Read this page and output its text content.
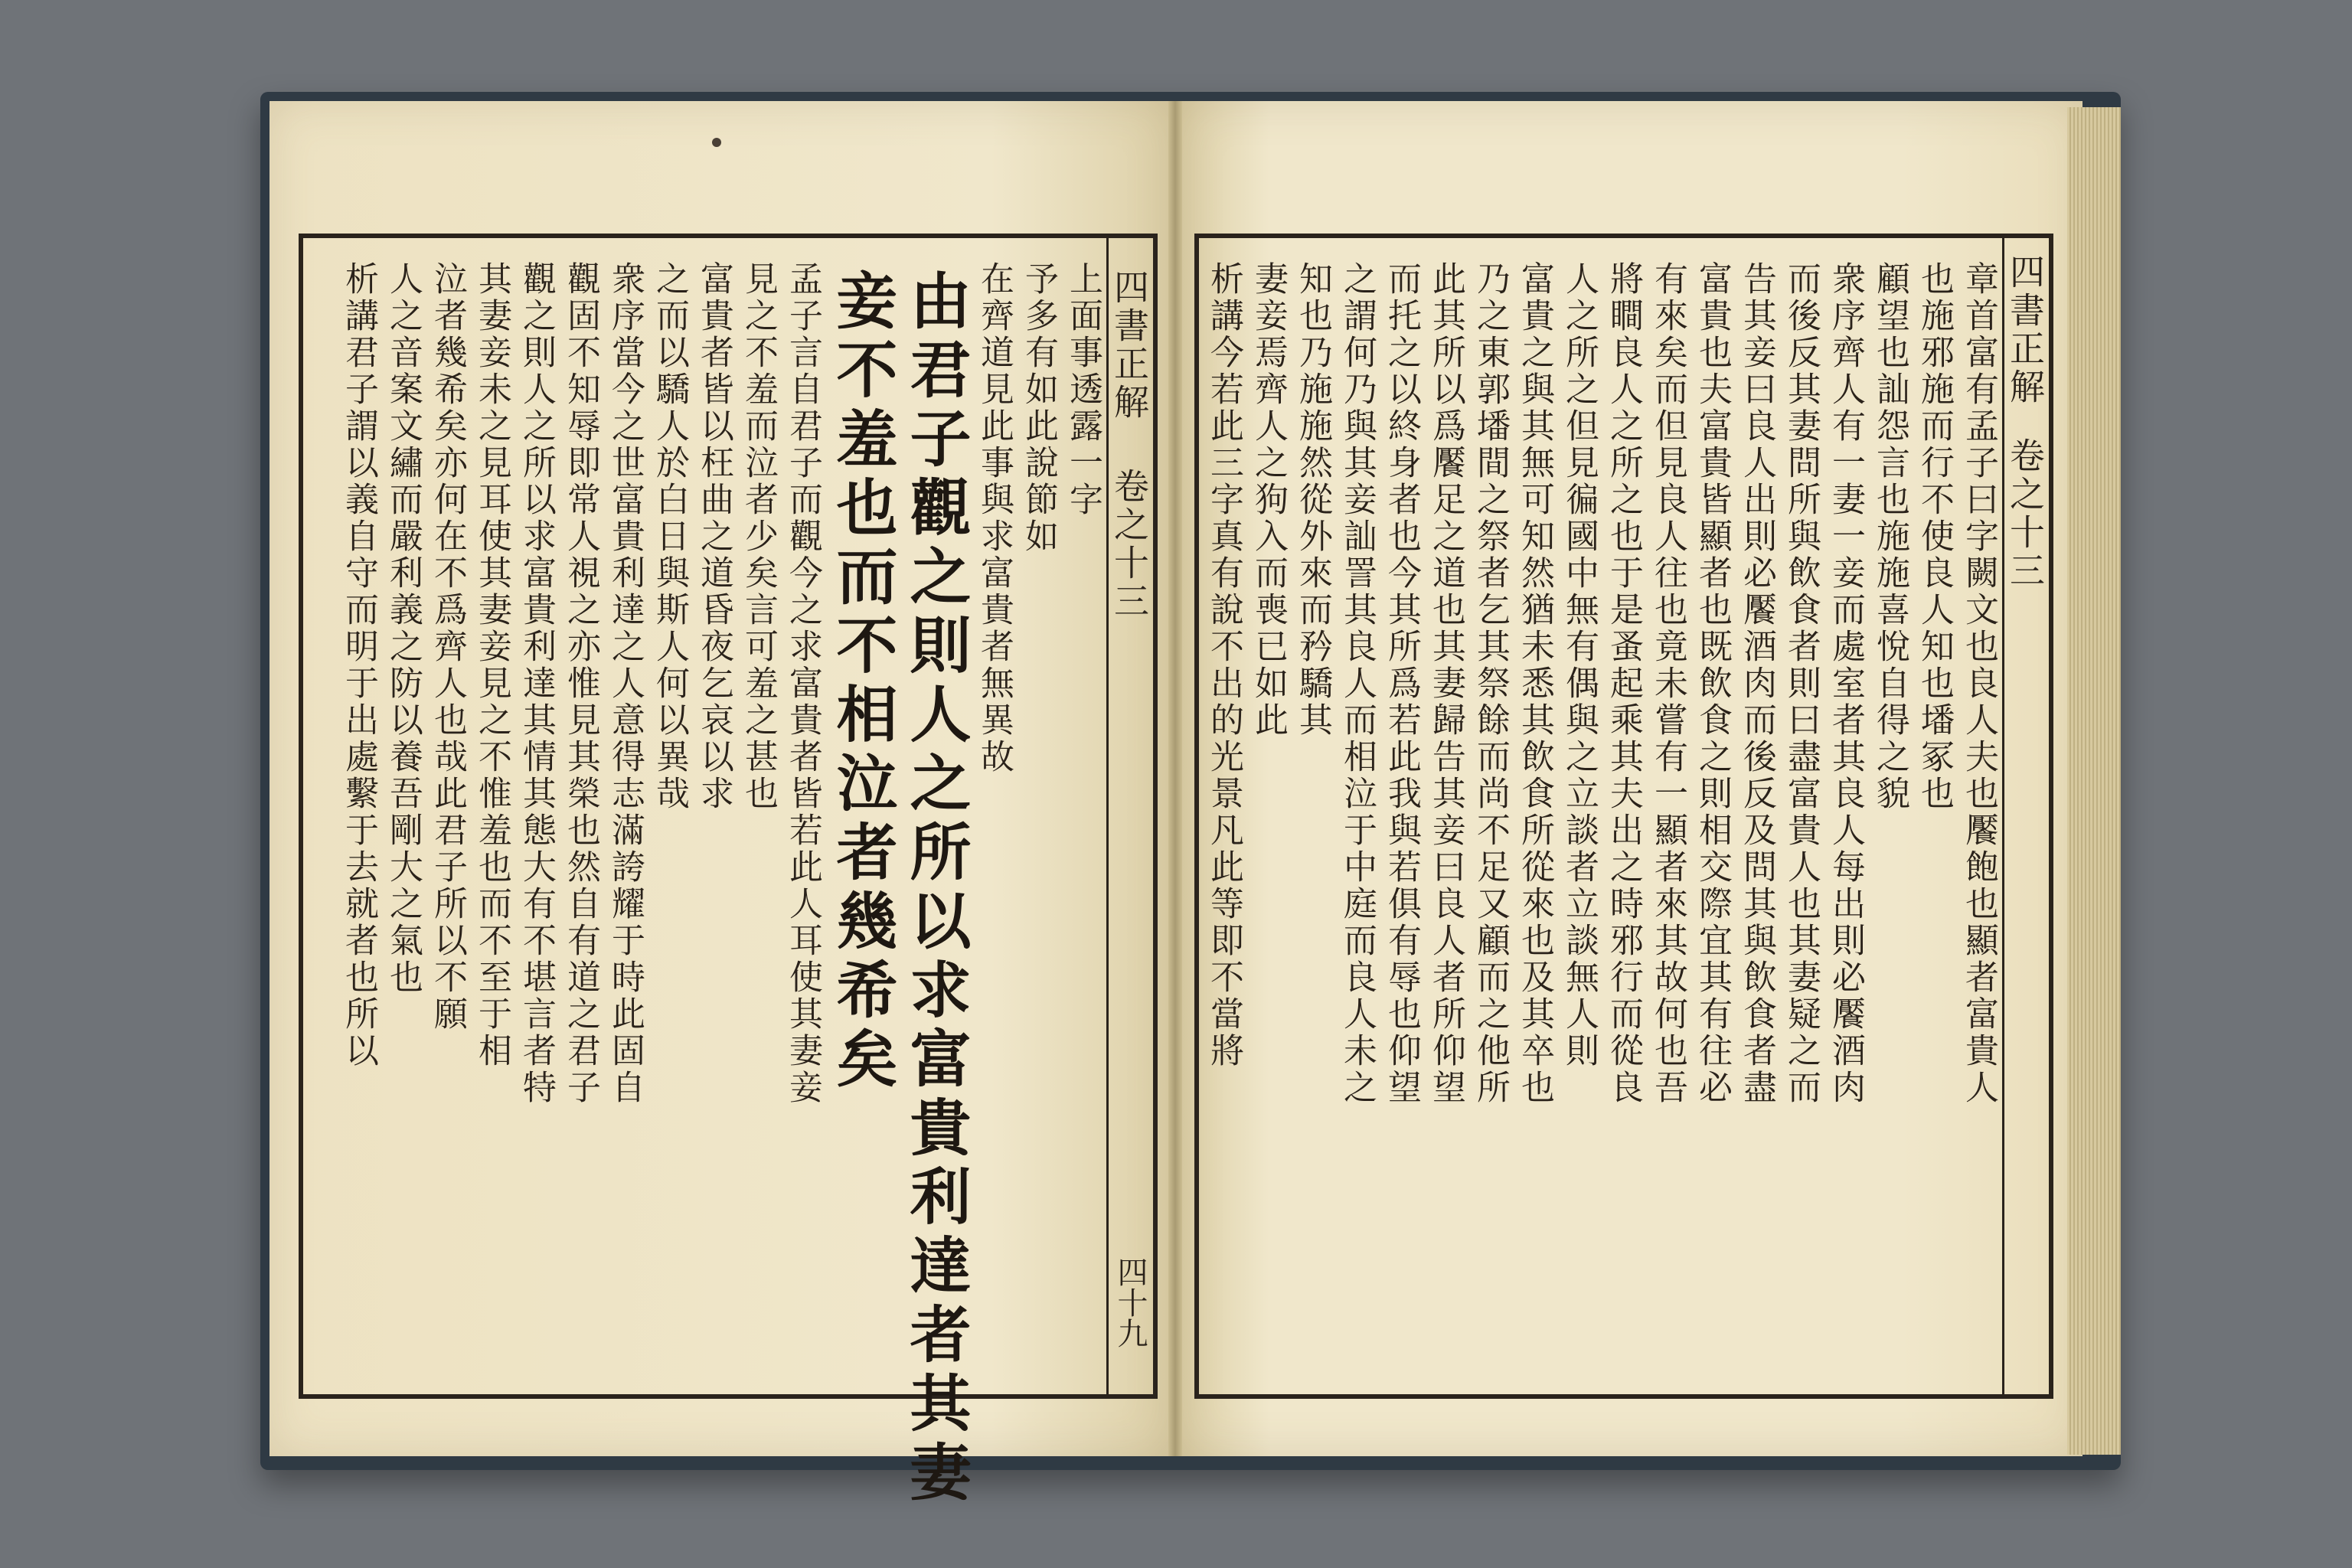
四書正解
卷之十三
四十九
上面事透露一字
予多有如此說節如
在齊道見此事與求富貴者無異故
由君子觀之則人之所以求富貴利達者其妻
妾不羞也而不相泣者幾希矣
孟子言自君子而觀今之求富貴者皆若此人耳使其妻妾
見之不羞而泣者少矣言可羞之甚也
富貴者皆以枉曲之道昏夜乞哀以求
之而以驕人於白日與斯人何以異哉
衆序當今之世富貴利達之人意得志滿誇耀于時此固自
觀固不知辱即常人視之亦惟見其榮也然自有道之君子
觀之則人之所以求富貴利達其情其態大有不堪言者特
其妻妾未之見耳使其妻妾見之不惟羞也而不至于相
泣者幾希矣亦何在不爲齊人也哉此君子所以不願
人之音案文繡而嚴利義之防以養吾剛大之氣也
析講君子謂以義自守而明于出處繫于去就者也所以	四書正解
卷之十三
章首富有孟子曰字闕文也良人夫也饜飽也顯者富貴人
也施邪施而行不使良人知也墦冢也
顧望也訕怨言也施施喜悅自得之貌
衆序齊人有一妻一妾而處室者其良人每出則必饜酒肉
而後反其妻問所與飲食者則曰盡富貴人也其妻疑之而
告其妾曰良人出則必饜酒肉而後反及問其與飲食者盡
富貴也夫富貴皆顯者也既飲食之則相交際宜其有往必
有來矣而但見良人往也竟未嘗有一顯者來其故何也吾
將瞷良人之所之也于是蚤起乘其夫出之時邪行而從良
人之所之但見徧國中無有偶與之立談者立談無人則
富貴之與其無可知然猶未悉其飲食所從來也及其卒也
乃之東郭墦間之祭者乞其祭餘而尚不足又顧而之他所
此其所以爲饜足之道也其妻歸告其妾曰良人者所仰望
而托之以終身者也今其所爲若此我與若俱有辱也仰望
之謂何乃與其妾訕詈其良人而相泣于中庭而良人未之
知也乃施施然從外來而矜驕其
妻妾焉齊人之狗入而喪已如此
析講今若此三字真有說不出的光景凡此等即不當將
